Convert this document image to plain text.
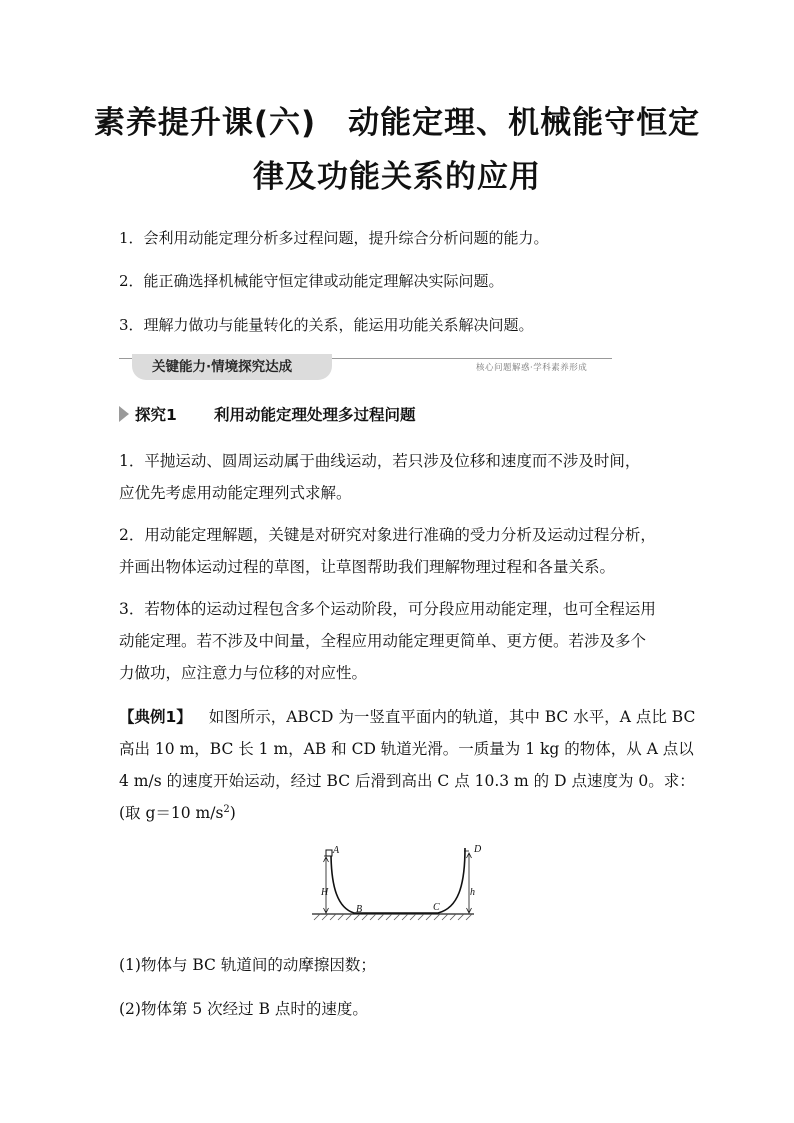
素养提升课(六)　动能定理、机械能守恒定
律及功能关系的应用
1．会利用动能定理分析多过程问题，提升综合分析问题的能力。
2．能正确选择机械能守恒定律或动能定理解决实际问题。
3．理解力做功与能量转化的关系，能运用功能关系解决问题。
关键能力·情境探究达成	核心问题解惑·学科素养形成
探究1 利用动能定理处理多过程问题
1．平抛运动、圆周运动属于曲线运动，若只涉及位移和速度而不涉及时间，
应优先考虑用动能定理列式求解。
2．用动能定理解题，关键是对研究对象进行准确的受力分析及运动过程分析，
并画出物体运动过程的草图，让草图帮助我们理解物理过程和各量关系。
3．若物体的运动过程包含多个运动阶段，可分段应用动能定理，也可全程运用
动能定理。若不涉及中间量，全程应用动能定理更简单、更方便。若涉及多个
力做功，应注意力与位移的对应性。
【典例1】 如图所示，ABCD 为一竖直平面内的轨道，其中 BC 水平，A 点比 BC
高出 10 m，BC 长 1 m，AB 和 CD 轨道光滑。一质量为 1 kg 的物体，从 A 点以
4 m/s 的速度开始运动，经过 BC 后滑到高出 C 点 10.3 m 的 D 点速度为 0。求：
(取 g＝10 $m/s^2$)
A
B	C
D
H	h
(1)物体与 BC 轨道间的动摩擦因数；
(2)物体第 5 次经过 B 点时的速度。
